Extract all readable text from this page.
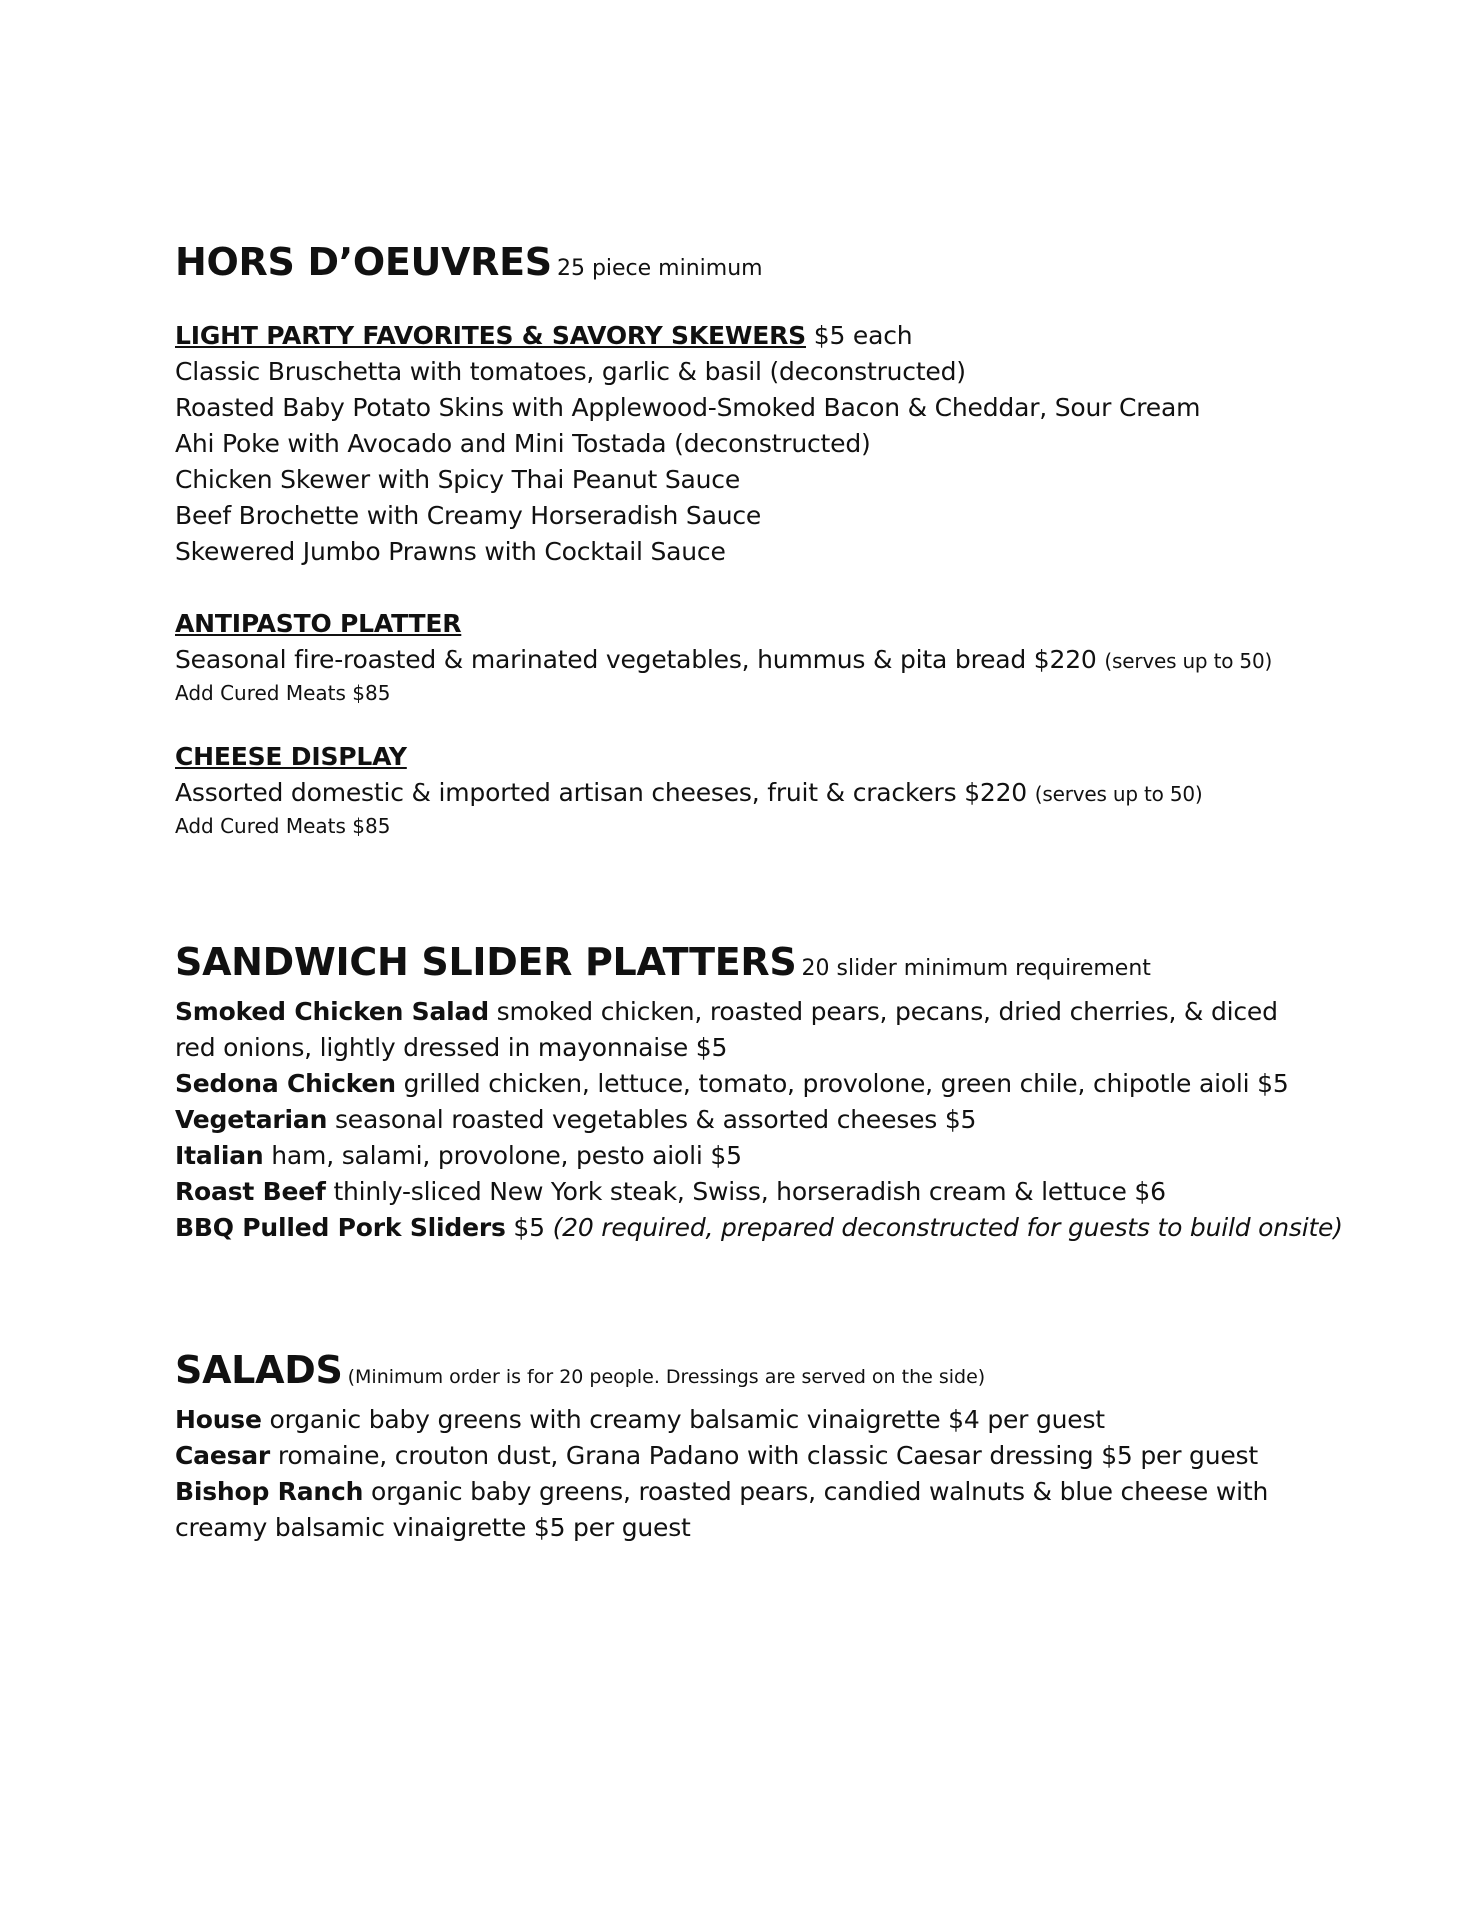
HORS D’OEUVRES 25 piece minimum
LIGHT PARTY FAVORITES & SAVORY SKEWERS $5 each
Classic Bruschetta with tomatoes, garlic & basil (deconstructed)
Roasted Baby Potato Skins with Applewood-Smoked Bacon & Cheddar, Sour Cream
Ahi Poke with Avocado and Mini Tostada (deconstructed)
Chicken Skewer with Spicy Thai Peanut Sauce
Beef Brochette with Creamy Horseradish Sauce
Skewered Jumbo Prawns with Cocktail Sauce
ANTIPASTO PLATTER
Seasonal fire-roasted & marinated vegetables, hummus & pita bread $220 (serves up to 50)
Add Cured Meats $85
CHEESE DISPLAY
Assorted domestic & imported artisan cheeses, fruit & crackers $220 (serves up to 50)
Add Cured Meats $85
SANDWICH SLIDER PLATTERS 20 slider minimum requirement
Smoked Chicken Salad smoked chicken, roasted pears, pecans, dried cherries, & diced red onions, lightly dressed in mayonnaise $5
Sedona Chicken grilled chicken, lettuce, tomato, provolone, green chile, chipotle aioli $5
Vegetarian seasonal roasted vegetables & assorted cheeses $5
Italian ham, salami, provolone, pesto aioli $5
Roast Beef thinly-sliced New York steak, Swiss, horseradish cream & lettuce $6
BBQ Pulled Pork Sliders $5 (20 required, prepared deconstructed for guests to build onsite)
SALADS (Minimum order is for 20 people. Dressings are served on the side)
House organic baby greens with creamy balsamic vinaigrette $4 per guest
Caesar romaine, crouton dust, Grana Padano with classic Caesar dressing $5 per guest
Bishop Ranch organic baby greens, roasted pears, candied walnuts & blue cheese with creamy balsamic vinaigrette $5 per guest
